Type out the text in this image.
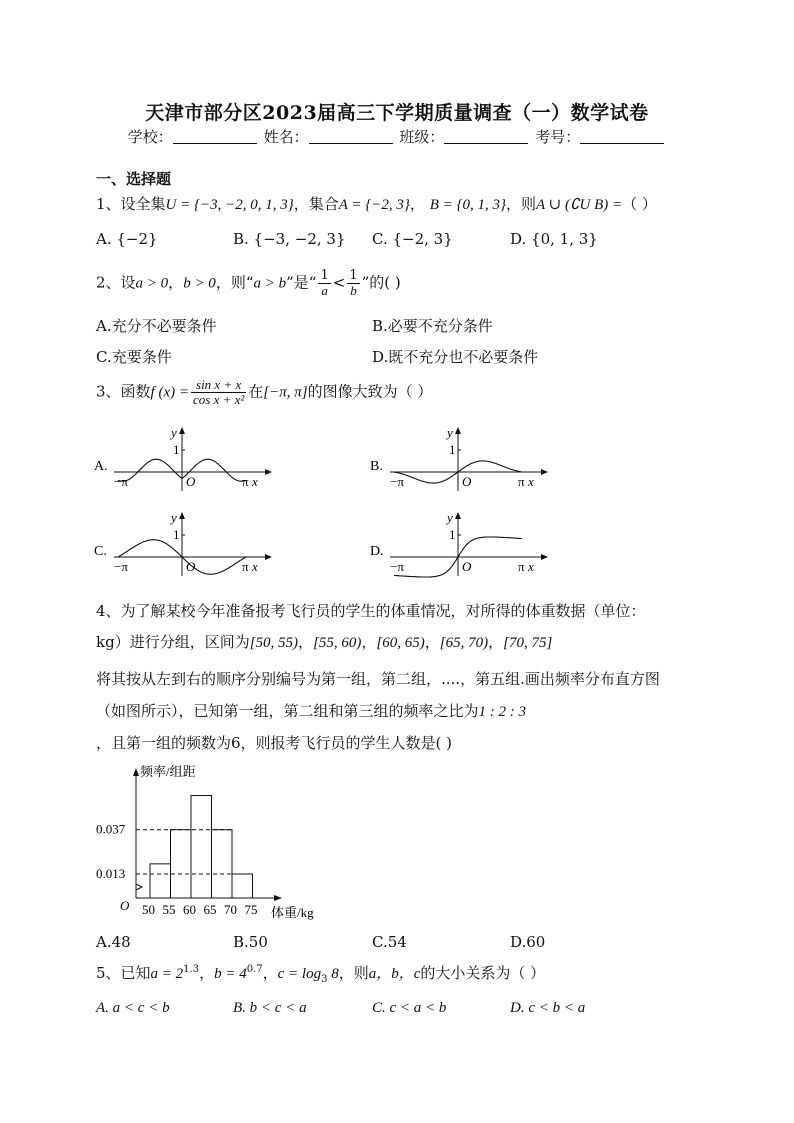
天津市部分区2023届高三下学期质量调查（一）数学试卷
学校：	姓名：	班级：	考号：
一、选择题
1、设全集U = {−3, −2, 0, 1, 3}，集合A = {−2, 3}， B = {0, 1, 3}，则A ∪ (∁U B) =（ ）
A. {−2}	B. {−3, −2, 3} C. {−2, 3}	D. {0, 1, 3}
2、设a > 0，b > 0，则“a > b”是“ $\frac{1}{a} < \frac{1}{b}$ ”的( )
A.充分不必要条件	B.必要不充分条件
C.充要条件	D.既不充分也不必要条件
3、函数f $(x) = \frac{\text{sin x + x}}{\text{cos x + x²}}$ 在[−π, π]的图像大致为（ ）
A.
y
1
O
−π	π x
B.
y
1
O
−π	π x
C.
y
1
O
−π	π x
D.
y
1
O
−π	π x
4、为了解某校今年准备报考飞行员的学生的体重情况，对所得的体重数据（单位：
kg）进行分组，区间为[50, 55)，[55, 60)，[60, 65)，[65, 70)，[70, 75]
将其按从左到右的顺序分别编号为第一组，第二组，....，第五组.画出频率分布直方图
（如图所示），已知第一组，第二组和第三组的频率之比为1 : 2 : 3
，且第一组的频数为6，则报考飞行员的学生人数是( )
频率/组距
O 50 55 60 65 70 75 体重/kg
0.037
0.013
A.48	B.50	C.54	D.60
5、已知$a = 2^{1.3}$，$b = 4^{0.7}$，$c = \log_3 8$，则a，b，c的大小关系为（ ）
A. a < c < b	B. b < c < a	C. c < a < b	D. c < b < a
